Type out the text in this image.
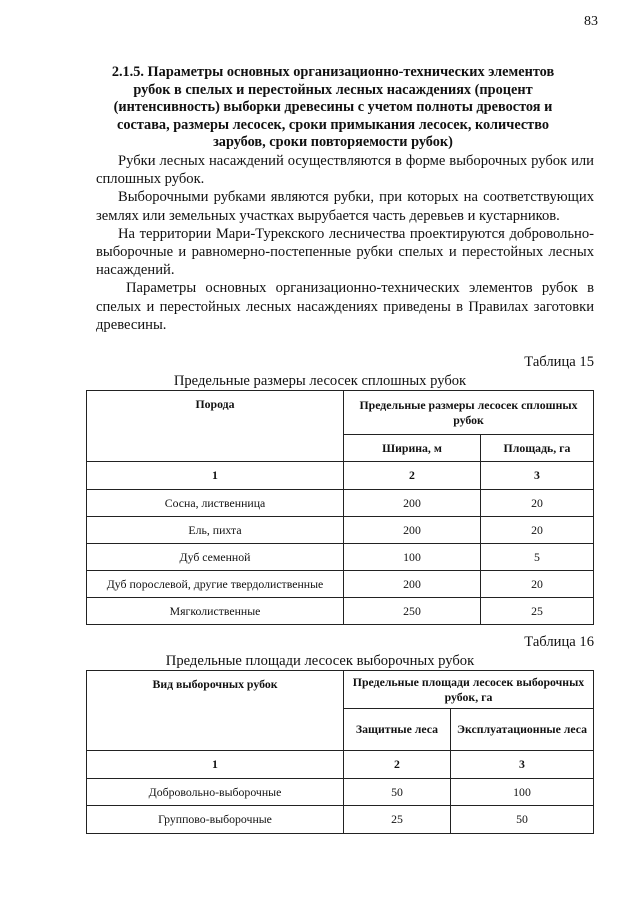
83
2.1.5. Параметры основных организационно-технических элементов
рубок в спелых и перестойных лесных насаждениях (процент
(интенсивность) выборки древесины с учетом полноты древостоя и
состава, размеры лесосек, сроки примыкания лесосек, количество
зарубов, сроки повторяемости рубок)

Рубки лесных насаждений осуществляются в форме выборочных рубок или сплошных рубок.

Выборочными рубками являются рубки, при которых на соответствующих землях или земельных участках вырубается часть деревьев и кустарников.

На территории Мари-Турекского лесничества проектируются добровольно-выборочные и равномерно-постепенные рубки спелых и перестойных лесных насаждений.

Параметры основных организационно-технических элементов рубок в спелых и перестойных лесных насаждениях приведены в Правилах заготовки древесины.

Таблица 15
Предельные размеры лесосек сплошных рубок
Порода	Предельные размеры лесосек сплошных рубок	
	Ширина, м	Площадь, га
1	2	3
Сосна, лиственница	200	20
Ель, пихта	200	20
Дуб семенной	100	5
Дуб порослевой, другие твердолиственные	200	20
Мягколиственные	250	25
Таблица 16
Предельные площади лесосек выборочных рубок
Вид выборочных рубок	Предельные площади лесосек выборочных рубок, га	
	Защитные леса	Эксплуатационные леса
1	2	3
Добровольно-выборочные	50	100
Группово-выборочные	25	50
